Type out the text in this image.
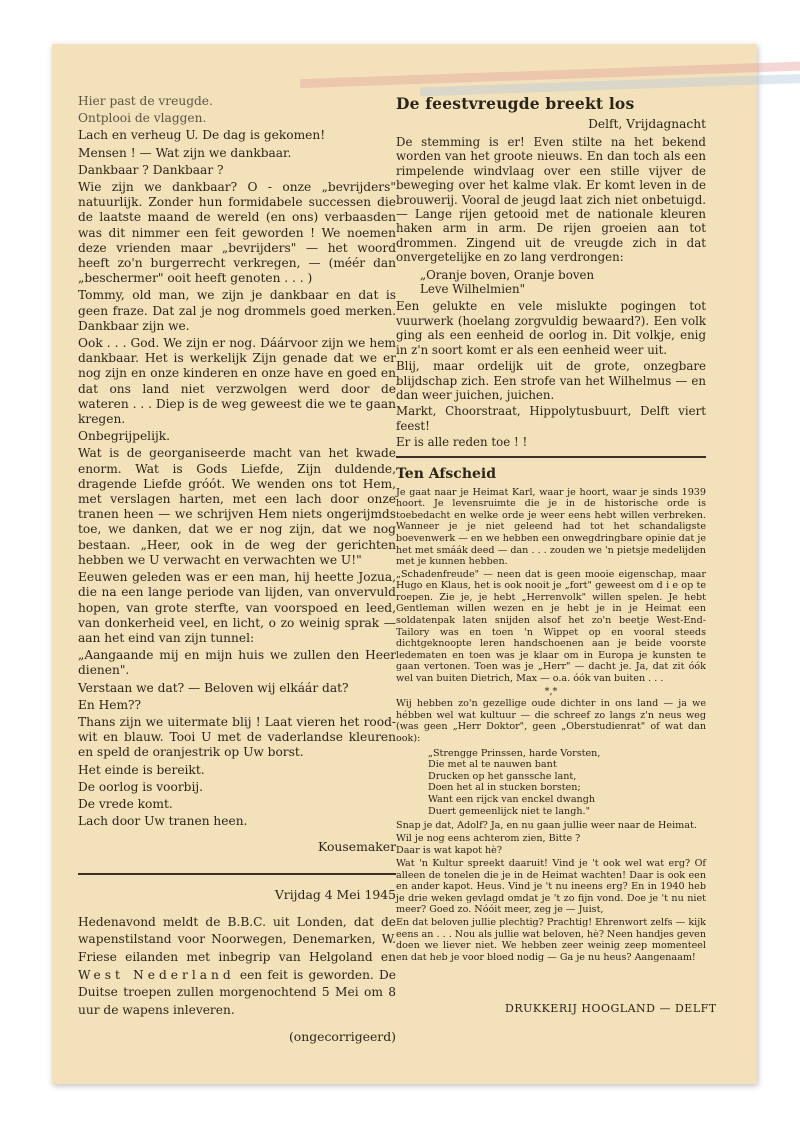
Hier past de vreugde.

Ontplooi de vlaggen.

Lach en verheug U. De dag is gekomen!

Mensen ! — Wat zijn we dankbaar.

Dankbaar ? Dankbaar ?

Wie zijn we dankbaar? O - onze „bevrijders" natuurlijk. Zonder hun formidabele successen die de laatste maand de wereld (en ons) verbaasden was dit nimmer een feit geworden ! We noemen deze vrienden maar „bevrijders" — het woord heeft zo'n burgerrecht verkregen, — (méér dan „beschermer" ooit heeft genoten . . . )

Tommy, old man, we zijn je dankbaar en dat is geen fraze. Dat zal je nog drommels goed merken. Dankbaar zijn we.

Ook . . . God. We zijn er nog. Dáárvoor zijn we hem dankbaar. Het is werkelijk Zijn genade dat we er nog zijn en onze kinderen en onze have en goed en dat ons land niet verzwolgen werd door de wateren . . . Diep is de weg geweest die we te gaan kregen.

Onbegrijpelijk.

Wat is de georganiseerde macht van het kwade enorm. Wat is Gods Liefde, Zijn duldende, dragende Liefde gróót. We wenden ons tot Hem, met verslagen harten, met een lach door onze tranen heen — we schrijven Hem niets ongerijmds toe, we danken, dat we er nog zijn, dat we nog bestaan. „Heer, ook in de weg der gerichten hebben we U verwacht en verwachten we U!"

Eeuwen geleden was er een man, hij heette Jozua, die na een lange periode van lijden, van onvervuld hopen, van grote sterfte, van voorspoed en leed, van donkerheid veel, en licht, o zo weinig sprak — aan het eind van zijn tunnel:

„Aangaande mij en mijn huis we zullen den Heer dienen".

Verstaan we dat? — Beloven wij elkáár dat?

En Hem??

Thans zijn we uitermate blij ! Laat vieren het rood-wit en blauw. Tooi U met de vaderlandse kleuren en speld de oranjestrik op Uw borst.

Het einde is bereikt.

De oorlog is voorbij.

De vrede komt.

Lach door Uw tranen heen.

Kousemaker
Vrijdag 4 Mei 1945

Hedenavond meldt de B.B.C. uit Londen, dat de wapenstilstand voor Noorwegen, Denemarken, W. Friese eilanden met inbegrip van Helgoland en West Nederland een feit is geworden. De Duitse troepen zullen morgenochtend 5 Mei om 8 uur de wapens inleveren.

(ongecorrigeerd)
De feestvreugde breekt los
Delft, Vrijdagnacht

De stemming is er! Even stilte na het bekend worden van het groote nieuws. En dan toch als een rimpelende windvlaag over een stille vijver de beweging over het kalme vlak. Er komt leven in de brouwerij. Vooral de jeugd laat zich niet onbetuigd. — Lange rijen getooid met de nationale kleuren haken arm in arm. De rijen groeien aan tot drommen. Zingend uit de vreugde zich in dat onvergetelijke en zo lang verdrongen:

„Oranje boven, Oranje boven
Leve Wilhelmien"

Een gelukte en vele mislukte pogingen tot vuurwerk (hoelang zorgvuldig bewaard?). Een volk ging als een eenheid de oorlog in. Dit volkje, enig in z'n soort komt er als een eenheid weer uit.

Blij, maar ordelijk uit de grote, onzegbare blijdschap zich. Een strofe van het Wilhelmus — en dan weer juichen, juichen.

Markt, Choorstraat, Hippolytusbuurt, Delft viert feest!

Er is alle reden toe ! !

Ten Afscheid

Je gaat naar je Heimat Karl, waar je hoort, waar je sinds 1939 hoort. Je levensruimte die je in de historische orde is toebedacht en welke orde je weer eens hebt willen verbreken. Wanneer je je niet geleend had tot het schandaligste boevenwerk — en we hebben een onwegdringbare opinie dat je het met smáák deed — dan . . . zouden we 'n pietsje medelijden met je kunnen hebben.

„Schadenfreude" — neen dat is geen mooie eigenschap, maar Hugo en Klaus, het is ook nooit je „fort" geweest om d i e op te roepen. Zie je, je hebt „Herrenvolk" willen spelen. Je hebt Gentleman willen wezen en je hebt je in je Heimat een soldatenpak laten snijden alsof het zo'n beetje West-End-Tailory was en toen 'n Wippet op en vooral steeds dichtgeknoopte leren handschoenen aan je beide voorste ledematen en toen was je klaar om in Europa je kunsten te gaan vertonen. Toen was je „Herr" — dacht je. Ja, dat zit óók wel van buiten Dietrich, Max — o.a. óók van buiten . . .

*,*

Wij hebben zo'n gezellige oude dichter in ons land — ja we hébben wel wat kultuur — die schreef zo langs z'n neus weg (was geen „Herr Doktor", geen „Oberstudienrat" of wat dan ook):

„Strengge Prinssen, harde Vorsten,
Die met al te nauwen bant
Drucken op het ganssche lant,
Doen het al in stucken borsten;
Want een rijck van enckel dwangh
Duert gemeenlijck niet te langh."

Snap je dat, Adolf? Ja, en nu gaan jullie weer naar de Heimat.

Wil je nog eens achterom zien, Bitte ?

Daar is wat kapot hè?

Wat 'n Kultur spreekt daaruit! Vind je 't ook wel wat erg? Of alleen de tonelen die je in de Heimat wachten! Daar is ook een en ander kapot. Heus. Vind je 't nu ineens erg? En in 1940 heb je drie weken gevlagd omdat je 't zo fijn vond. Doe je 't nu niet meer? Goed zo. Nóóit meer, zeg je — Juist,

En dat beloven jullie plechtig? Prachtig! Ehrenwort zelfs — kijk eens an . . . Nou als jullie wat beloven, hè? Neen handjes geven doen we liever niet. We hebben zeer weinig zeep momenteel en dat heb je voor bloed nodig — Ga je nu heus? Aangenaam!

DRUKKERIJ HOOGLAND — DELFT
